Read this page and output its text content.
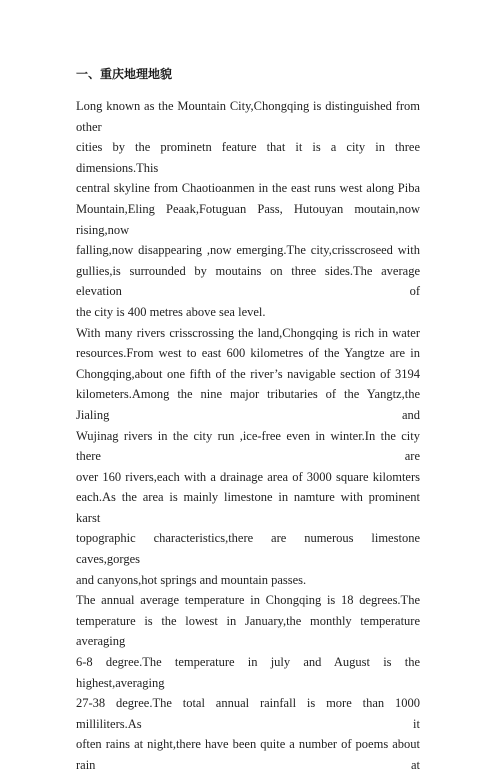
一、重庆地理地貌

Long known as the Mountain City,Chongqing is distinguished from other
cities by the prominetn feature that it is a city in three dimensions.This
central skyline from Chaotioanmen in the east runs west along Piba
Mountain,Eling Peaak,Fotuguan Pass, Hutouyan moutain,now rising,now
falling,now disappearing ,now emerging.The city,crisscroseed with
gullies,is surrounded by moutains on three sides.The average elevation of
the city is 400 metres above sea level.

With many rivers crisscrossing the land,Chongqing is rich in water
resources.From west to east 600 kilometres of the Yangtze are in
Chongqing,about one fifth of the river’s navigable section of 3194
kilometers.Among the nine major tributaries of the Yangtz,the Jialing and
Wujinag rivers in the city run ,ice-free even in winter.In the city there are
over 160 rivers,each with a drainage area of 3000 square kilomters
each.As the area is mainly limestone in namture with prominent karst
topographic characteristics,there are numerous limestone caves,gorges
and canyons,hot springs and mountain passes.

The annual average temperature in Chongqing is 18 degrees.The
temperature is the lowest in January,the monthly temperature averaging
6-8 degree.The temperature in july and August is the highest,averaging
27-38 degree.The total annual rainfall is more than 1000 milliliters.As it
often rains at night,there have been quite a number of poems about rain at
